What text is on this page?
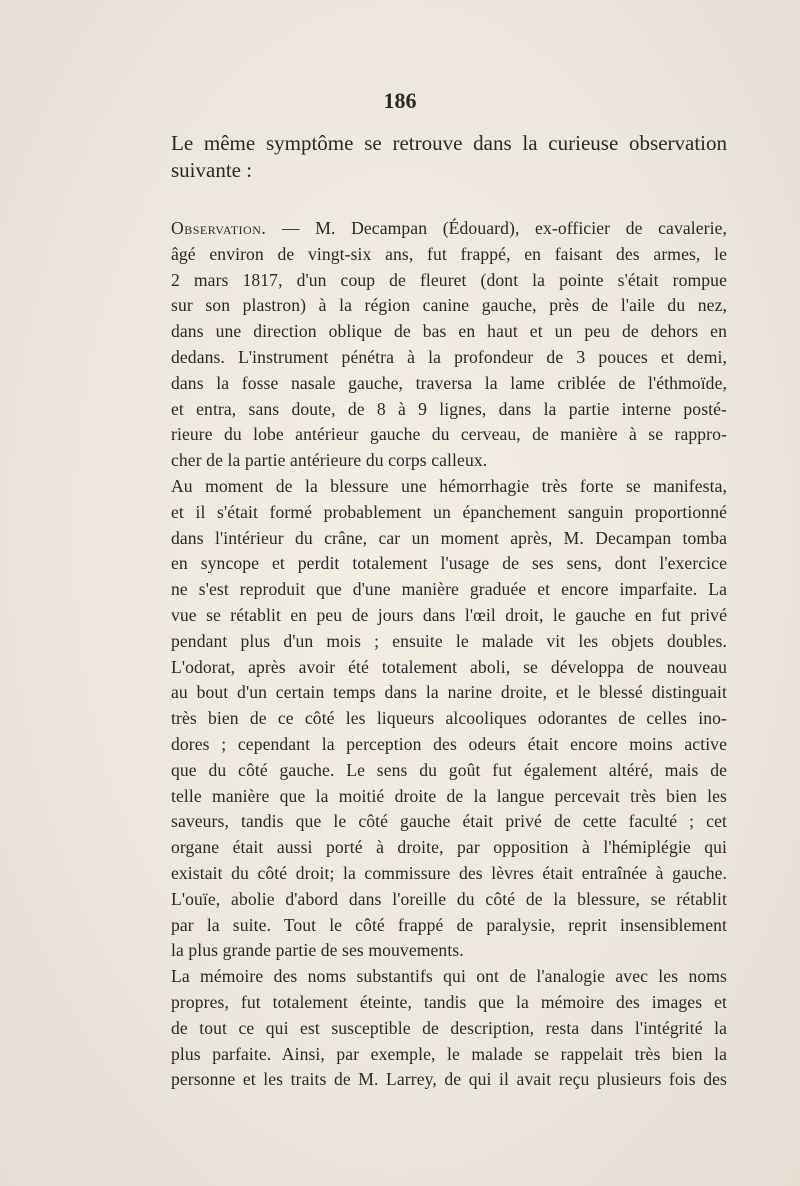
186
Le même symptôme se retrouve dans la curieuse observation
suivante :
Observation. — M. Decampan (Édouard), ex-officier de cavalerie,
âgé environ de vingt-six ans, fut frappé, en faisant des armes, le
2 mars 1817, d'un coup de fleuret (dont la pointe s'était rompue
sur son plastron) à la région canine gauche, près de l'aile du nez,
dans une direction oblique de bas en haut et un peu de dehors en
dedans. L'instrument pénétra à la profondeur de 3 pouces et demi,
dans la fosse nasale gauche, traversa la lame criblée de l'éthmoïde,
et entra, sans doute, de 8 à 9 lignes, dans la partie interne posté-
rieure du lobe antérieur gauche du cerveau, de manière à se rappro-
cher de la partie antérieure du corps calleux.
Au moment de la blessure une hémorrhagie très forte se manifesta,
et il s'était formé probablement un épanchement sanguin proportionné
dans l'intérieur du crâne, car un moment après, M. Decampan tomba
en syncope et perdit totalement l'usage de ses sens, dont l'exercice
ne s'est reproduit que d'une manière graduée et encore imparfaite. La
vue se rétablit en peu de jours dans l'œil droit, le gauche en fut privé
pendant plus d'un mois ; ensuite le malade vit les objets doubles.
L'odorat, après avoir été totalement aboli, se développa de nouveau
au bout d'un certain temps dans la narine droite, et le blessé distinguait
très bien de ce côté les liqueurs alcooliques odorantes de celles ino-
dores ; cependant la perception des odeurs était encore moins active
que du côté gauche. Le sens du goût fut également altéré, mais de
telle manière que la moitié droite de la langue percevait très bien les
saveurs, tandis que le côté gauche était privé de cette faculté ; cet
organe était aussi porté à droite, par opposition à l'hémiplégie qui
existait du côté droit; la commissure des lèvres était entraînée à gauche.
L'ouïe, abolie d'abord dans l'oreille du côté de la blessure, se rétablit
par la suite. Tout le côté frappé de paralysie, reprit insensiblement
la plus grande partie de ses mouvements.
La mémoire des noms substantifs qui ont de l'analogie avec les noms
propres, fut totalement éteinte, tandis que la mémoire des images et
de tout ce qui est susceptible de description, resta dans l'intégrité la
plus parfaite. Ainsi, par exemple, le malade se rappelait très bien la
personne et les traits de M. Larrey, de qui il avait reçu plusieurs fois des
